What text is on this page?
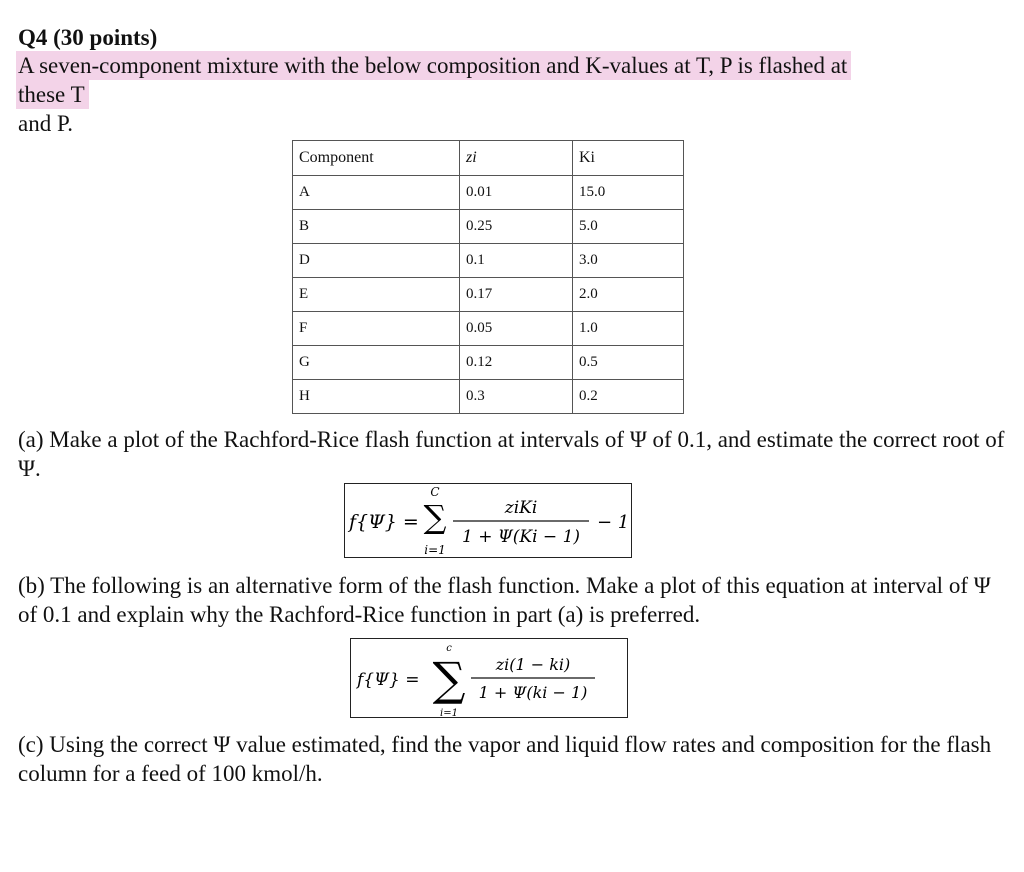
Q4 (30 points)
A seven-component mixture with the below composition and K-values at T, P is flashed at
these T
and P.
Component	zi	Ki
A	0.01	15.0
B	0.25	5.0
D	0.1	3.0
E	0.17	2.0
F	0.05	1.0
G	0.12	0.5
H	0.3	0.2
(a) Make a plot of the Rachford-Rice flash function at intervals of Ψ of 0.1, and estimate the correct root of Ψ.
f{Ψ} =
C
∑
i=1
ziKi
1 + Ψ(Ki − 1)
− 1
(b) The following is an alternative form of the flash function. Make a plot of this equation at interval of Ψ of 0.1 and explain why the Rachford-Rice function in part (a) is preferred.
f{Ψ} =
c
∑
i=1
zi(1 − ki)
1 + Ψ(ki − 1)
(c) Using the correct Ψ value estimated, find the vapor and liquid flow rates and composition for the flash column for a feed of 100 kmol/h.
